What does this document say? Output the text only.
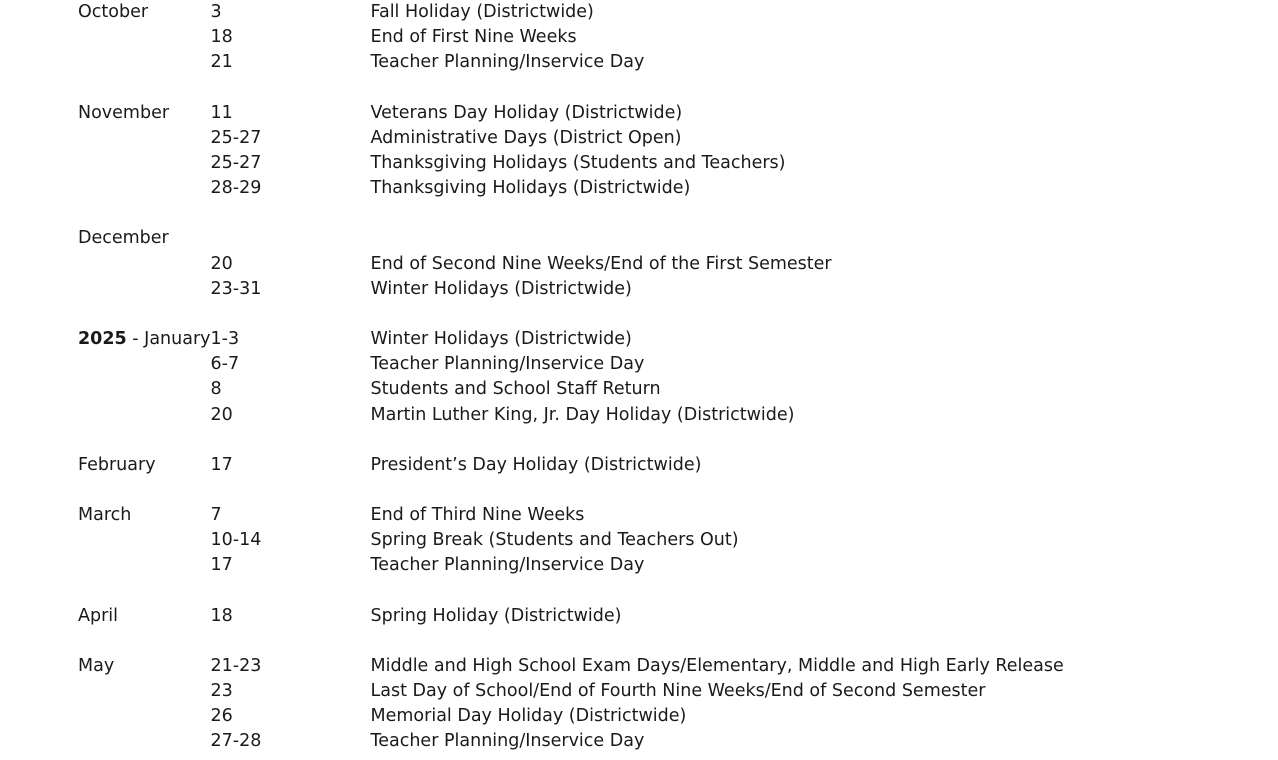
October	3	Fall Holiday (Districtwide)
	18	End of First Nine Weeks
	21	Teacher Planning/Inservice Day

November	11	Veterans Day Holiday (Districtwide)
	25-27	Administrative Days (District Open)
	25-27	Thanksgiving Holidays (Students and Teachers)
	28-29	Thanksgiving Holidays (Districtwide)

December		
	20	End of Second Nine Weeks/End of the First Semester
	23-31	Winter Holidays (Districtwide)

2025 - January	1-3	Winter Holidays (Districtwide)
	6-7	Teacher Planning/Inservice Day
	8	Students and School Staff Return
	20	Martin Luther King, Jr. Day Holiday (Districtwide)

February	17	President’s Day Holiday (Districtwide)

March	7	End of Third Nine Weeks
	10-14	Spring Break (Students and Teachers Out)
	17	Teacher Planning/Inservice Day

April	18	Spring Holiday (Districtwide)

May	21-23	Middle and High School Exam Days/Elementary, Middle and High Early Release
	23	Last Day of School/End of Fourth Nine Weeks/End of Second Semester
	26	Memorial Day Holiday (Districtwide)
	27-28	Teacher Planning/Inservice Day
